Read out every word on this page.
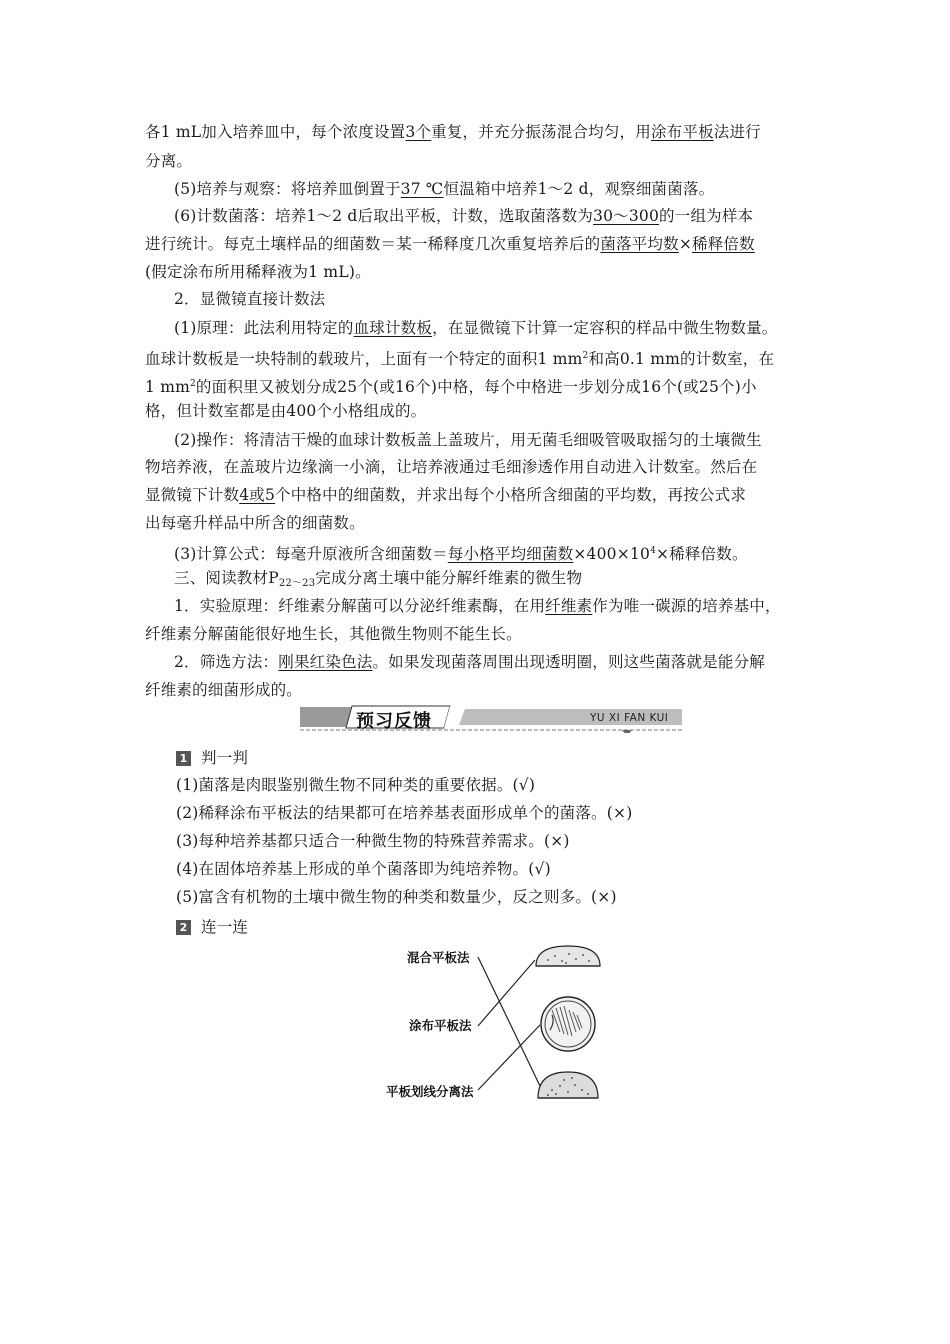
各1 mL加入培养皿中，每个浓度设置3个重复，并充分振荡混合均匀，用涂布平板法进行
分离。
(5)培养与观察：将培养皿倒置于37 ℃恒温箱中培养1～2 d，观察细菌菌落。
(6)计数菌落：培养1～2 d后取出平板，计数，选取菌落数为30～300的一组为样本
进行统计。每克土壤样品的细菌数＝某一稀释度几次重复培养后的菌落平均数×稀释倍数
(假定涂布所用稀释液为1 mL)。
2．显微镜直接计数法
(1)原理：此法利用特定的血球计数板，在显微镜下计算一定容积的样品中微生物数量。
血球计数板是一块特制的载玻片，上面有一个特定的面积1 $mm^2$和高0.1 mm的计数室，在
1 $mm^2$的面积里又被划分成25个(或16个)中格，每个中格进一步划分成16个(或25个)小
格，但计数室都是由400个小格组成的。
(2)操作：将清洁干燥的血球计数板盖上盖玻片，用无菌毛细吸管吸取摇匀的土壤微生
物培养液，在盖玻片边缘滴一小滴，让培养液通过毛细渗透作用自动进入计数室。然后在
显微镜下计数4或5个中格中的细菌数，并求出每个小格所含细菌的平均数，再按公式求
出每毫升样品中所含的细菌数。
(3)计算公式：每毫升原液所含细菌数＝每小格平均细菌数$\times 400\times 10^4\times$稀释倍数。
三、阅读教材$P_{22\sim 23}$完成分离土壤中能分解纤维素的微生物
1．实验原理：纤维素分解菌可以分泌纤维素酶，在用纤维素作为唯一碳源的培养基中，
纤维素分解菌能很好地生长，其他微生物则不能生长。
2．筛选方法：刚果红染色法。如果发现菌落周围出现透明圈，则这些菌落就是能分解
纤维素的细菌形成的。
预习反馈	YU XI FAN KUI
1 判一判
(1)菌落是肉眼鉴别微生物不同种类的重要依据。(√)
(2)稀释涂布平板法的结果都可在培养基表面形成单个的菌落。(×)
(3)每种培养基都只适合一种微生物的特殊营养需求。(×)
(4)在固体培养基上形成的单个菌落即为纯培养物。(√)
(5)富含有机物的土壤中微生物的种类和数量少，反之则多。(×)
2 连一连
混合平板法
涂布平板法
平板划线分离法
